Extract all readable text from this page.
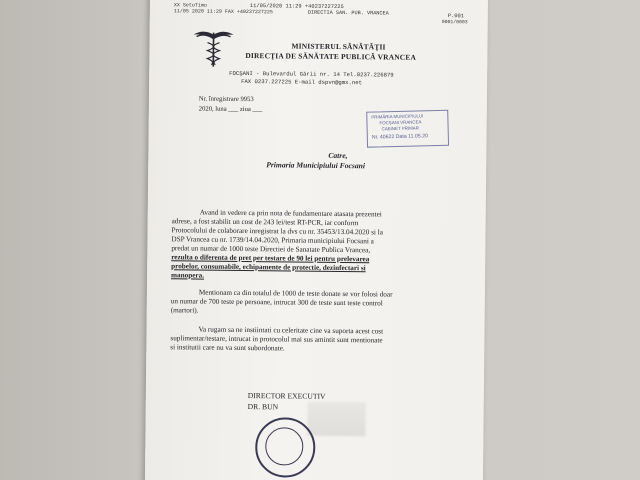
XX SetoTimo
11/05 2020 11:29 FAX +40237227225
11/05/2020 11:29 +40237227225
DIRECTIA SAN. PUB. VRANCEA	P.001
0001/0003
MINISTERUL SĂNĂTĂŢII
DIRECŢIA DE SĂNĂTATE PUBLICĂ VRANCEA
FOCŞANI - Bulevardul Gării nr. 14 Tel.0237.226879
FAX 0237.227225 E-mail dspvn@gmx.net
Nr. înregistrare 9953
2020, luna ___ ziua ___
PRIMĂRIA MUNICIPIULUI
FOCŞANI VRANCEA
CABINET PRIMAR
Nr. 40622 Data 11.05.20
Catre,
Primaria Municipiului Focsani
Avand in vedere ca prin nota de fundamentare atasata prezentei
adrese, a fost stabilit un cost de 243 lei/test RT-PCR, iar conform
Protocolului de colaborare inregistrat la dvs cu nr. 35453/13.04.2020 si la
DSP Vrancea cu nr. 1739/14.04.2020, Primaria municipiului Focsani a
predat un numar de 1000 teste Directiei de Sanatate Publica Vrancea,
rezulta o diferenta de pret per testare de 90 lei pentru prelevarea
probelor, consumabile, echipamente de protectie, dezinfectari si
manopera.
Mentionam ca din totalul de 1000 de teste donate se vor folosi doar
un numar de 700 teste pe persoane, intrucat 300 de teste sunt teste control
(martori).
Va rugam sa ne instiintati cu celeritate cine va suporta acest cost
suplimentar/testare, intrucat in protocolul mai sus amintit sunt mentionate
si institutii care nu va sunt subordonate.
DIRECTOR EXECUTIV
DR. BUN
